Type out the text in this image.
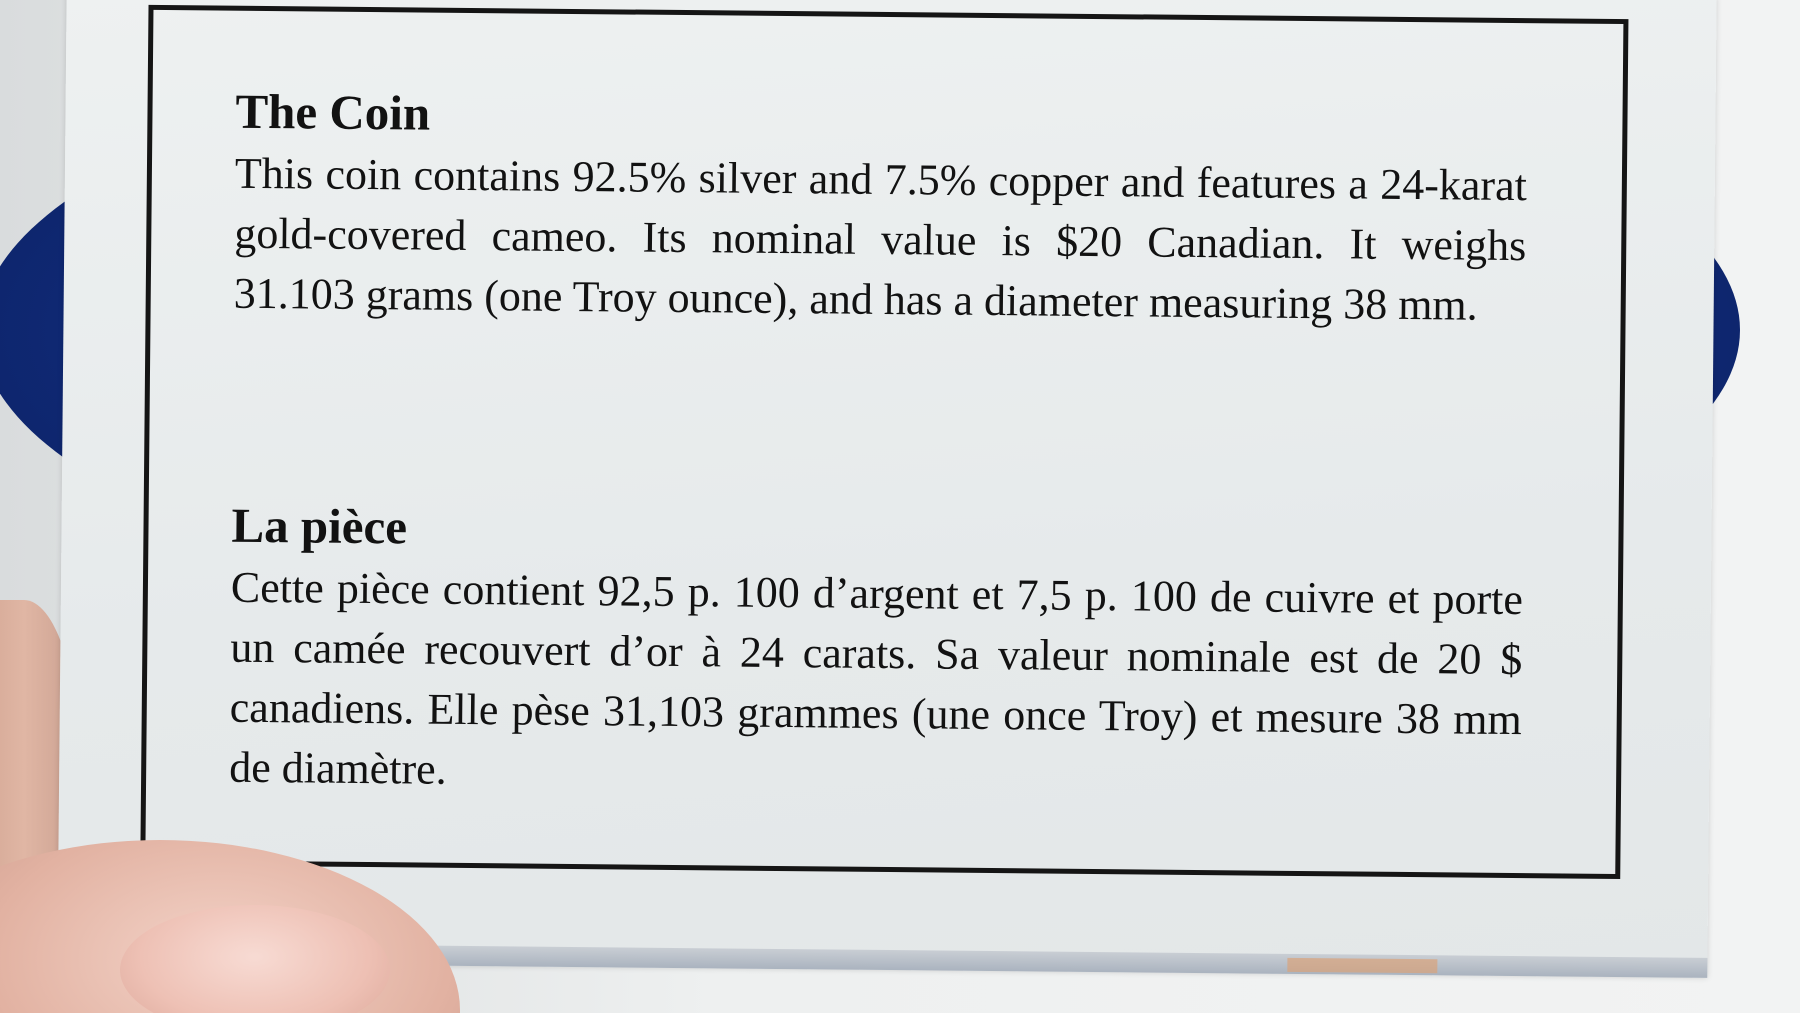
The Coin

This coin contains 92.5% silver and 7.5% copper and features a 24-karat gold-covered cameo. Its nominal value is $20 Canadian. It weighs 31.103 grams (one Troy ounce), and has a diameter measuring 38 mm.

La pièce

Cette pièce contient 92,5 p. 100 d’argent et 7,5 p. 100 de cuivre et porte un camée recouvert d’or à 24 carats. Sa valeur nominale est de 20 $ canadiens. Elle pèse 31,103 grammes (une once Troy) et mesure 38 mm de diamètre.
